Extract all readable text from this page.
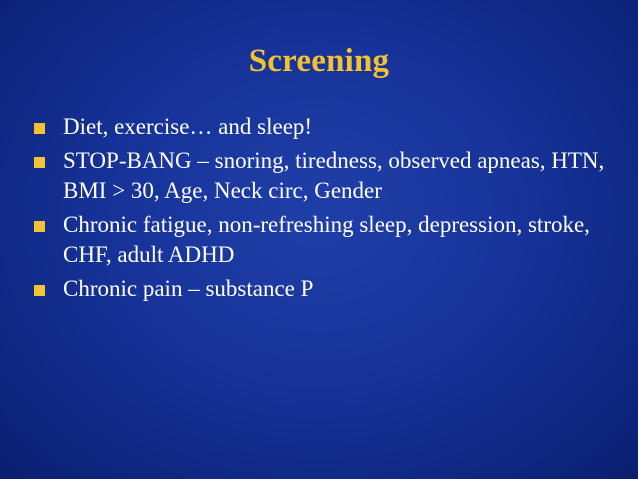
Screening
Diet, exercise… and sleep!
STOP-BANG – snoring, tiredness, observed apneas, HTN, BMI > 30, Age, Neck circ, Gender
Chronic fatigue, non-refreshing sleep, depression, stroke, CHF, adult ADHD
Chronic pain – substance P
